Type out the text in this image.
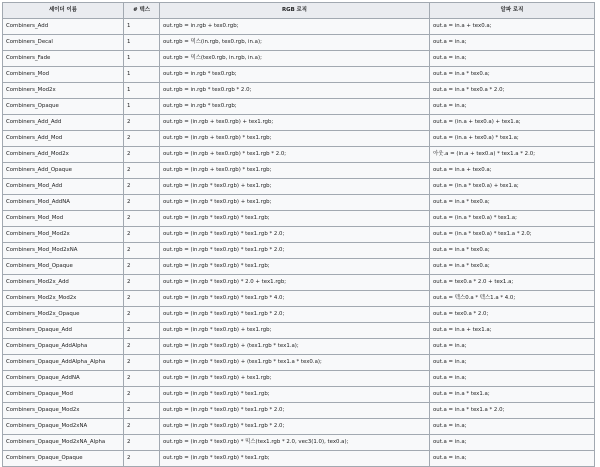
셰이더 이름	# 텍스	RGB 로직	알파 로직
Combiners_Add	1	out.rgb = in.rgb + tex0.rgb;	out.a = in.a + tex0.a;
Combiners_Decal	1	out.rgb = 믹스(in.rgb, tex0.rgb, in.a);	out.a = in.a;
Combiners_Fade	1	out.rgb = 믹스(tex0.rgb, in.rgb, in.a);	out.a = in.a;
Combiners_Mod	1	out.rgb = in.rgb * tex0.rgb;	out.a = in.a * tex0.a;
Combiners_Mod2x	1	out.rgb = in.rgb * tex0.rgb * 2.0;	out.a = in.a * tex0.a * 2.0;
Combiners_Opaque	1	out.rgb = in.rgb * tex0.rgb;	out.a = in.a;
Combiners_Add_Add	2	out.rgb = (in.rgb + tex0.rgb) + tex1.rgb;	out.a = (in.a + tex0.a) + tex1.a;
Combiners_Add_Mod	2	out.rgb = (in.rgb + tex0.rgb) * tex1.rgb;	out.a = (in.a + tex0.a) * tex1.a;
Combiners_Add_Mod2x	2	out.rgb = (in.rgb + tex0.rgb) * tex1.rgb * 2.0;	아웃.a = (in.a + tex0.a) * tex1.a * 2.0;
Combiners_Add_Opaque	2	out.rgb = (in.rgb + tex0.rgb) * tex1.rgb;	out.a = in.a + tex0.a;
Combiners_Mod_Add	2	out.rgb = (in.rgb * tex0.rgb) + tex1.rgb;	out.a = (in.a * tex0.a) + tex1.a;
Combiners_Mod_AddNA	2	out.rgb = (in.rgb * tex0.rgb) + tex1.rgb;	out.a = in.a * tex0.a;
Combiners_Mod_Mod	2	out.rgb = (in.rgb * tex0.rgb) * tex1.rgb;	out.a = (in.a * tex0.a) * tex1.a;
Combiners_Mod_Mod2x	2	out.rgb = (in.rgb * tex0.rgb) * tex1.rgb * 2.0;	out.a = (in.a * tex0.a) * tex1.a * 2.0;
Combiners_Mod_Mod2xNA	2	out.rgb = (in.rgb * tex0.rgb) * tex1.rgb * 2.0;	out.a = in.a * tex0.a;
Combiners_Mod_Opaque	2	out.rgb = (in.rgb * tex0.rgb) * tex1.rgb;	out.a = in.a * tex0.a;
Combiners_Mod2x_Add	2	out.rgb = (in.rgb * tex0.rgb) * 2.0 + tex1.rgb;	out.a = tex0.a * 2.0 + tex1.a;
Combiners_Mod2x_Mod2x	2	out.rgb = (in.rgb * tex0.rgb) * tex1.rgb * 4.0;	out.a = 텍스0.a * 텍스1.a * 4.0;
Combiners_Mod2x_Opaque	2	out.rgb = (in.rgb * tex0.rgb) * tex1.rgb * 2.0;	out.a = tex0.a * 2.0;
Combiners_Opaque_Add	2	out.rgb = (in.rgb * tex0.rgb) + tex1.rgb;	out.a = in.a + tex1.a;
Combiners_Opaque_AddAlpha	2	out.rgb = (in.rgb * tex0.rgb) + (tex1.rgb * tex1.a);	out.a = in.a;
Combiners_Opaque_AddAlpha_Alpha	2	out.rgb = (in.rgb * tex0.rgb) + (tex1.rgb * tex1.a * tex0.a);	out.a = in.a;
Combiners_Opaque_AddNA	2	out.rgb = (in.rgb * tex0.rgb) + tex1.rgb;	out.a = in.a;
Combiners_Opaque_Mod	2	out.rgb = (in.rgb * tex0.rgb) * tex1.rgb;	out.a = in.a * tex1.a;
Combiners_Opaque_Mod2x	2	out.rgb = (in.rgb * tex0.rgb) * tex1.rgb * 2.0;	out.a = in.a * tex1.a * 2.0;
Combiners_Opaque_Mod2xNA	2	out.rgb = (in.rgb * tex0.rgb) * tex1.rgb * 2.0;	out.a = in.a;
Combiners_Opaque_Mod2xNA_Alpha	2	out.rgb = (in.rgb * tex0.rgb) * 믹스(tex1.rgb * 2.0, vec3(1.0), tex0.a);	out.a = in.a;
Combiners_Opaque_Opaque	2	out.rgb = (in.rgb * tex0.rgb) * tex1.rgb;	out.a = in.a;
